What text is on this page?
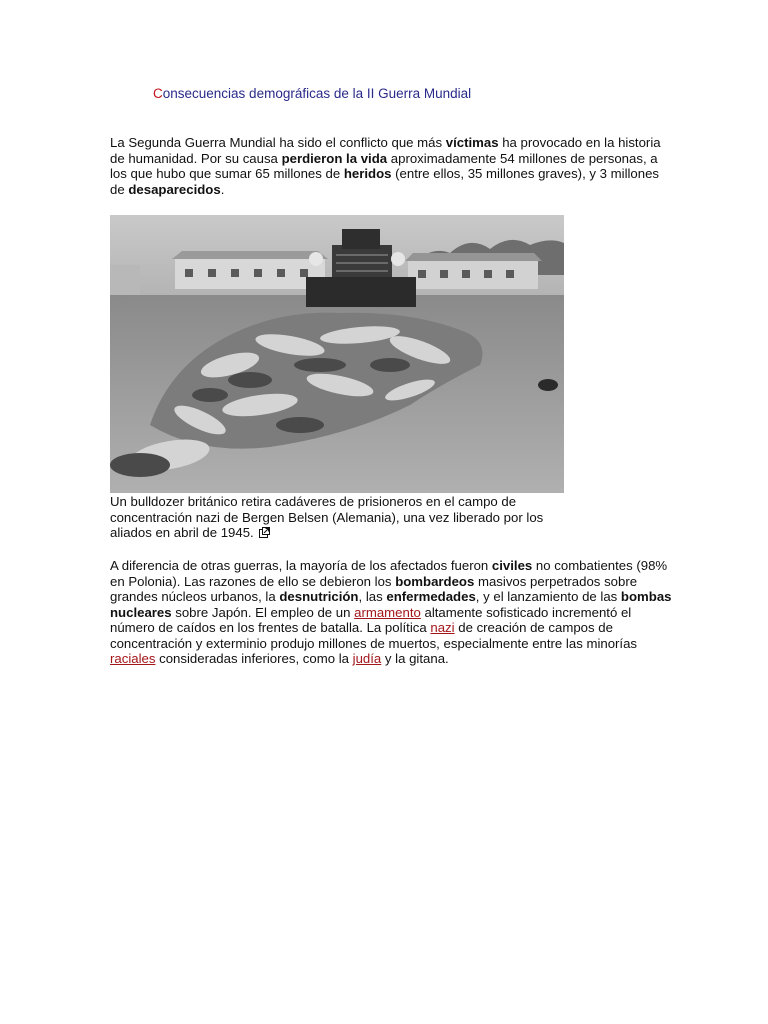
Consecuencias demográficas de la II Guerra Mundial

La Segunda Guerra Mundial ha sido el conflicto que más víctimas ha provocado en la historia de humanidad. Por su causa perdieron la vida aproximadamente 54 millones de personas, a los que hubo que sumar 65 millones de heridos (entre ellos, 35 millones graves), y 3 millones de desaparecidos.

Un bulldozer británico retira cadáveres de prisioneros en el campo de concentración nazi de Bergen Belsen (Alemania), una vez liberado por los aliados en abril de 1945.

A diferencia de otras guerras, la mayoría de los afectados fueron civiles no combatientes (98% en Polonia). Las razones de ello se debieron los bombardeos masivos perpetrados sobre grandes núcleos urbanos, la desnutrición, las enfermedades, y el lanzamiento de las bombas nucleares sobre Japón. El empleo de un armamento altamente sofisticado incrementó el número de caídos en los frentes de batalla. La política nazi de creación de campos de concentración y exterminio produjo millones de muertos, especialmente entre las minorías raciales consideradas inferiores, como la judía y la gitana.
